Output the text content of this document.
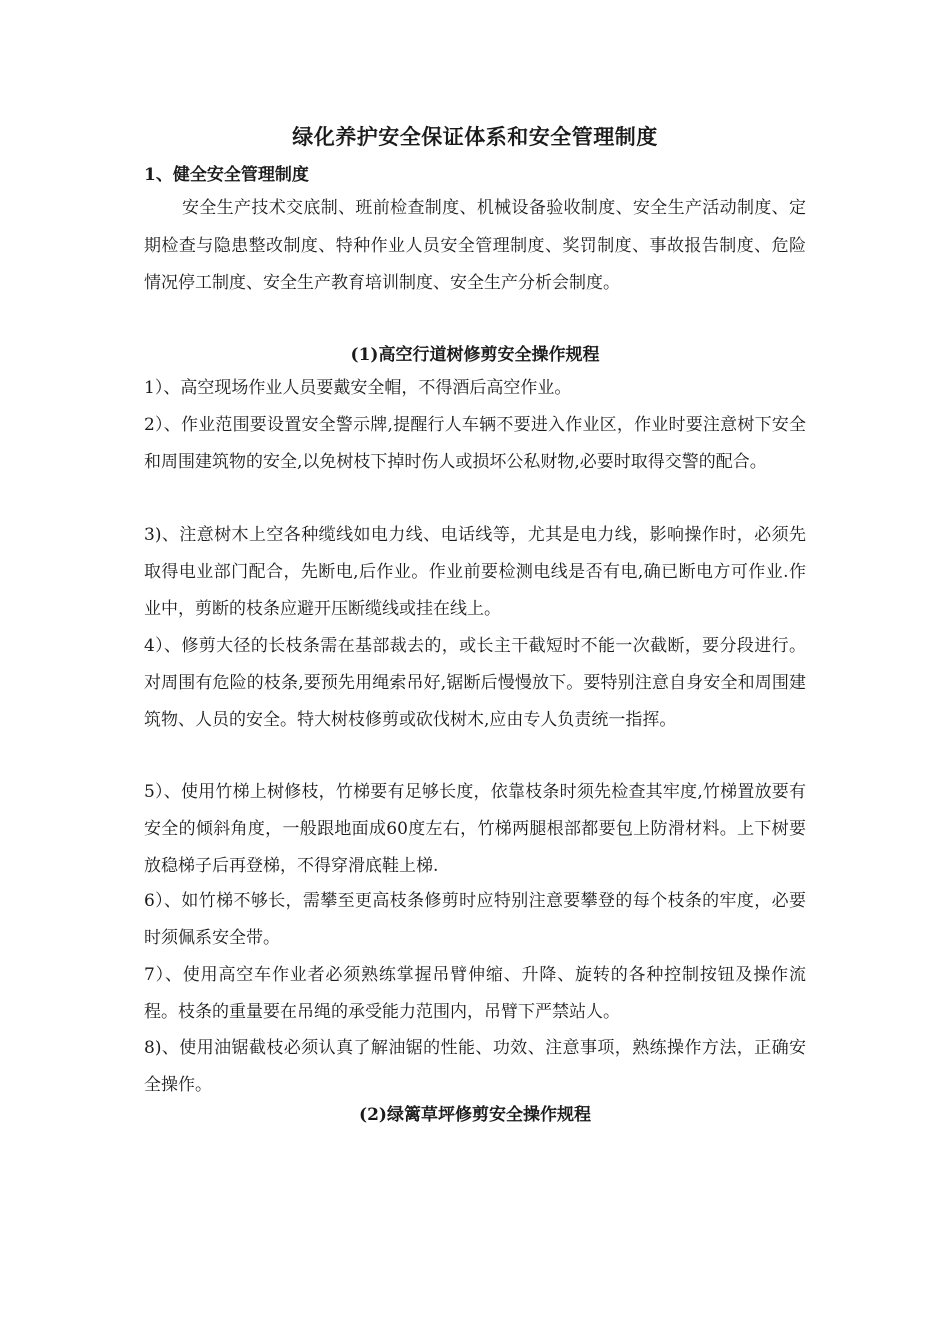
绿化养护安全保证体系和安全管理制度
1、健全安全管理制度
安全生产技术交底制、班前检查制度、机械设备验收制度、安全生产活动制度、定期检查与隐患整改制度、特种作业人员安全管理制度、奖罚制度、事故报告制度、危险情况停工制度、安全生产教育培训制度、安全生产分析会制度。
(1)高空行道树修剪安全操作规程
1）、高空现场作业人员要戴安全帽，不得酒后高空作业。
2）、作业范围要设置安全警示牌,提醒行人车辆不要进入作业区，作业时要注意树下安全和周围建筑物的安全,以免树枝下掉时伤人或损坏公私财物,必要时取得交警的配合。
3)、注意树木上空各种缆线如电力线、电话线等，尤其是电力线，影响操作时，必须先取得电业部门配合，先断电,后作业。作业前要检测电线是否有电,确已断电方可作业.作业中，剪断的枝条应避开压断缆线或挂在线上。
4）、修剪大径的长枝条需在基部裁去的，或长主干截短时不能一次截断，要分段进行。对周围有危险的枝条,要预先用绳索吊好,锯断后慢慢放下。要特别注意自身安全和周围建筑物、人员的安全。特大树枝修剪或砍伐树木,应由专人负责统一指挥。
5）、使用竹梯上树修枝，竹梯要有足够长度，依靠枝条时须先检查其牢度,竹梯置放要有安全的倾斜角度，一般跟地面成60度左右，竹梯两腿根部都要包上防滑材料。上下树要放稳梯子后再登梯，不得穿滑底鞋上梯.
6）、如竹梯不够长，需攀至更高枝条修剪时应特别注意要攀登的每个枝条的牢度，必要时须佩系安全带。
7）、使用高空车作业者必须熟练掌握吊臂伸缩、升降、旋转的各种控制按钮及操作流程。枝条的重量要在吊绳的承受能力范围内，吊臂下严禁站人。
8)、使用油锯截枝必须认真了解油锯的性能、功效、注意事项，熟练操作方法，正确安全操作。
(2)绿篱草坪修剪安全操作规程
